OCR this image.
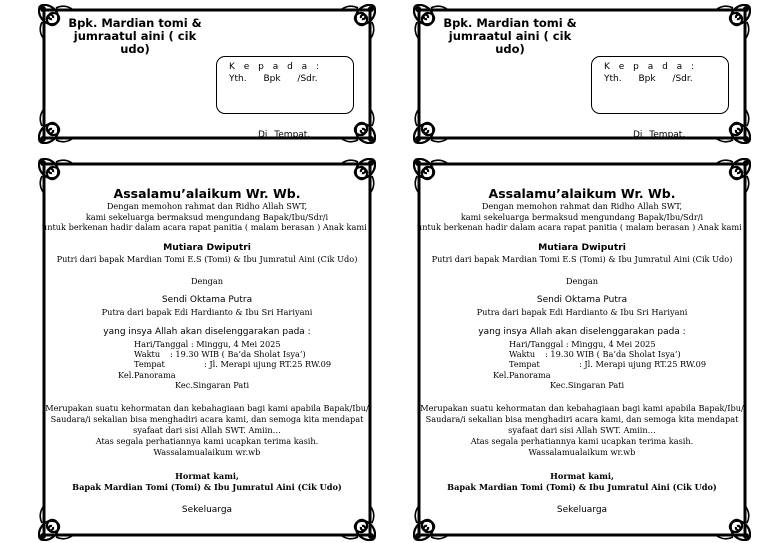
Bpk. Mardian tomi & jumraatul aini ( cik udo)
K e p a d a :
Yth. Bpk /Sdr.
Di Tempat.
Bpk. Mardian tomi & jumraatul aini ( cik udo)
K e p a d a :
Yth. Bpk /Sdr.
Di Tempat.
Assalamu’alaikum Wr. Wb.
Dengan memohon rahmat dan Ridho Allah SWT,
kami sekeluarga bermaksud mengundang Bapak/Ibu/Sdr/i
untuk berkenan hadir dalam acara rapat panitia ( malam berasan ) Anak kami :
Mutiara Dwiputri
Putri dari bapak Mardian Tomi E.S (Tomi) & Ibu Jumratul Aini (Cik Udo)
Dengan
Sendi Oktama Putra
Putra dari bapak Edi Hardianto & Ibu Sri Hariyani
yang insya Allah akan diselenggarakan pada :
Hari/Tanggal : Minggu, 4 Mei 2025
Waktu : 19.30 WIB ( Ba’da Sholat Isya’)
Tempat	: Jl. Merapi ujung RT.25 RW.09
Kel.Panorama
Kec.Singaran Pati
Merupakan suatu kehormatan dan kebahagiaan bagi kami apabila Bapak/Ibu/
Saudara/i sekalian bisa menghadiri acara kami, dan semoga kita mendapat
syafaat dari sisi Allah SWT. Amiin…
Atas segala perhatiannya kami ucapkan terima kasih.
Wassalamualaikum wr.wb
Hormat kami,
Bapak Mardian Tomi (Tomi) & Ibu Jumratul Aini (Cik Udo)
Sekeluarga
Assalamu’alaikum Wr. Wb.
Dengan memohon rahmat dan Ridho Allah SWT,
kami sekeluarga bermaksud mengundang Bapak/Ibu/Sdr/i
untuk berkenan hadir dalam acara rapat panitia ( malam berasan ) Anak kami :
Mutiara Dwiputri
Putri dari bapak Mardian Tomi E.S (Tomi) & Ibu Jumratul Aini (Cik Udo)
Dengan
Sendi Oktama Putra
Putra dari bapak Edi Hardianto & Ibu Sri Hariyani
yang insya Allah akan diselenggarakan pada :
Hari/Tanggal : Minggu, 4 Mei 2025
Waktu : 19.30 WIB ( Ba’da Sholat Isya’)
Tempat	: Jl. Merapi ujung RT.25 RW.09
Kel.Panorama
Kec.Singaran Pati
Merupakan suatu kehormatan dan kebahagiaan bagi kami apabila Bapak/Ibu/
Saudara/i sekalian bisa menghadiri acara kami, dan semoga kita mendapat
syafaat dari sisi Allah SWT. Amiin…
Atas segala perhatiannya kami ucapkan terima kasih.
Wassalamualaikum wr.wb
Hormat kami,
Bapak Mardian Tomi (Tomi) & Ibu Jumratul Aini (Cik Udo)
Sekeluarga
